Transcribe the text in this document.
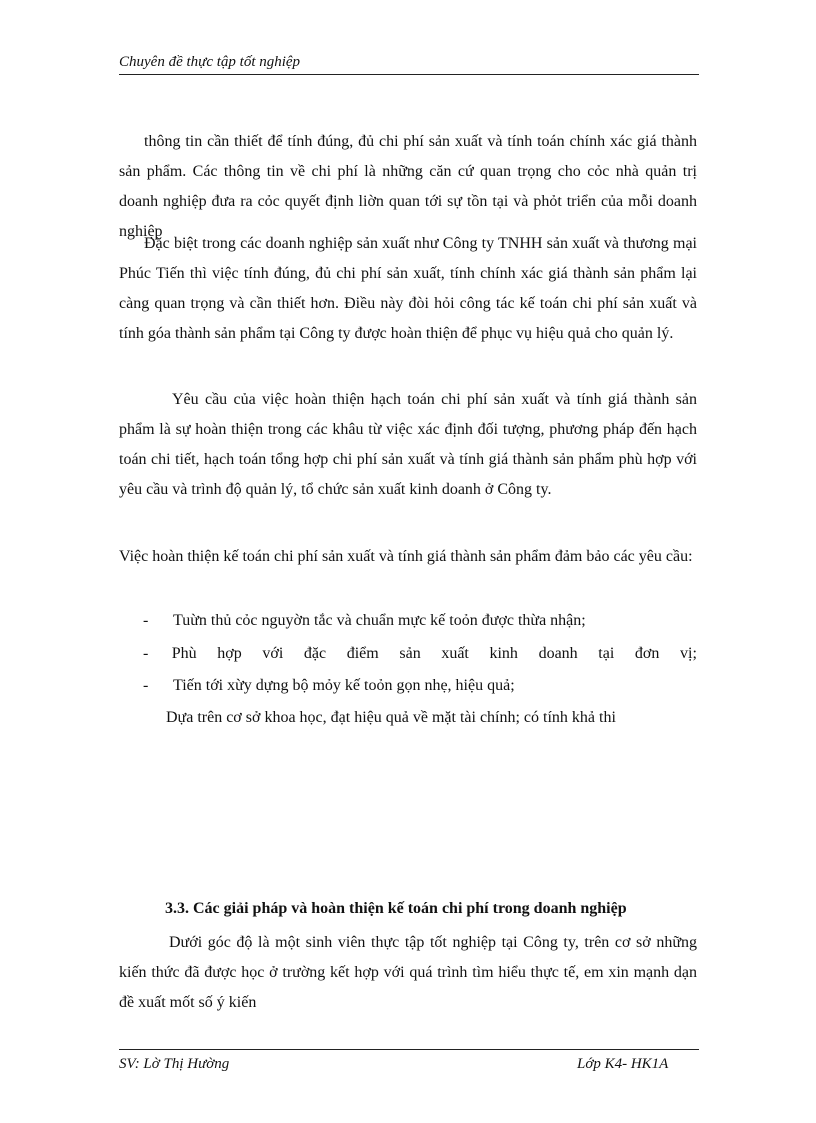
Chuyên đề thực tập tốt nghiệp

thông tin cần thiết để tính đúng, đủ chi phí sản xuất và tính toán chính xác giá thành sản phẩm. Các thông tin về chi phí là những căn cứ quan trọng cho cỏc nhà quản trị doanh nghiệp đưa ra cỏc quyết định liờn quan tới sự tồn tại và phỏt triển của mỗi doanh nghiệp

Đặc biệt trong các doanh nghiệp sản xuất như Công ty TNHH sản xuất và thương mại Phúc Tiến thì việc tính đúng, đủ chi phí sản xuất, tính chính xác giá thành sản phẩm lại càng quan trọng và cần thiết hơn. Điều này đòi hỏi công tác kế toán chi phí sản xuất và tính góa thành sản phẩm tại Công ty được hoàn thiện để phục vụ hiệu quả cho quản lý.

Yêu cầu của việc hoàn thiện hạch toán chi phí sản xuất và tính giá thành sản phẩm là sự hoàn thiện trong các khâu từ việc xác định đối tượng, phương pháp đến hạch toán chi tiết, hạch toán tổng hợp chi phí sản xuất và tính giá thành sản phẩm phù hợp với yêu cầu và trình độ quản lý, tổ chức sản xuất kinh doanh ở Công ty.

Việc hoàn thiện kế toán chi phí sản xuất và tính giá thành sản phẩm đảm bảo các yêu cầu:

- Tuừn thủ cỏc nguyờn tắc và chuẩn mực kế toỏn được thừa nhận;
-	Phù hợp với đặc điểm sản xuất kinh doanh tại đơn vị;
- Tiến tới xừy dựng bộ mỏy kế toỏn gọn nhẹ, hiệu quả;
Dựa trên cơ sở khoa học, đạt hiệu quả về mặt tài chính; có tính khả thi
3.3. Các giải pháp và hoàn thiện kế toán chi phí trong doanh nghiệp

Dưới góc độ là một sinh viên thực tập tốt nghiệp tại Công ty, trên cơ sở những kiến thức đã được học ở trường kết hợp với quá trình tìm hiểu thực tế, em xin mạnh dạn đề xuất mốt số ý kiến

SV: Lờ Thị Hường	Lớp K4- HK1A
